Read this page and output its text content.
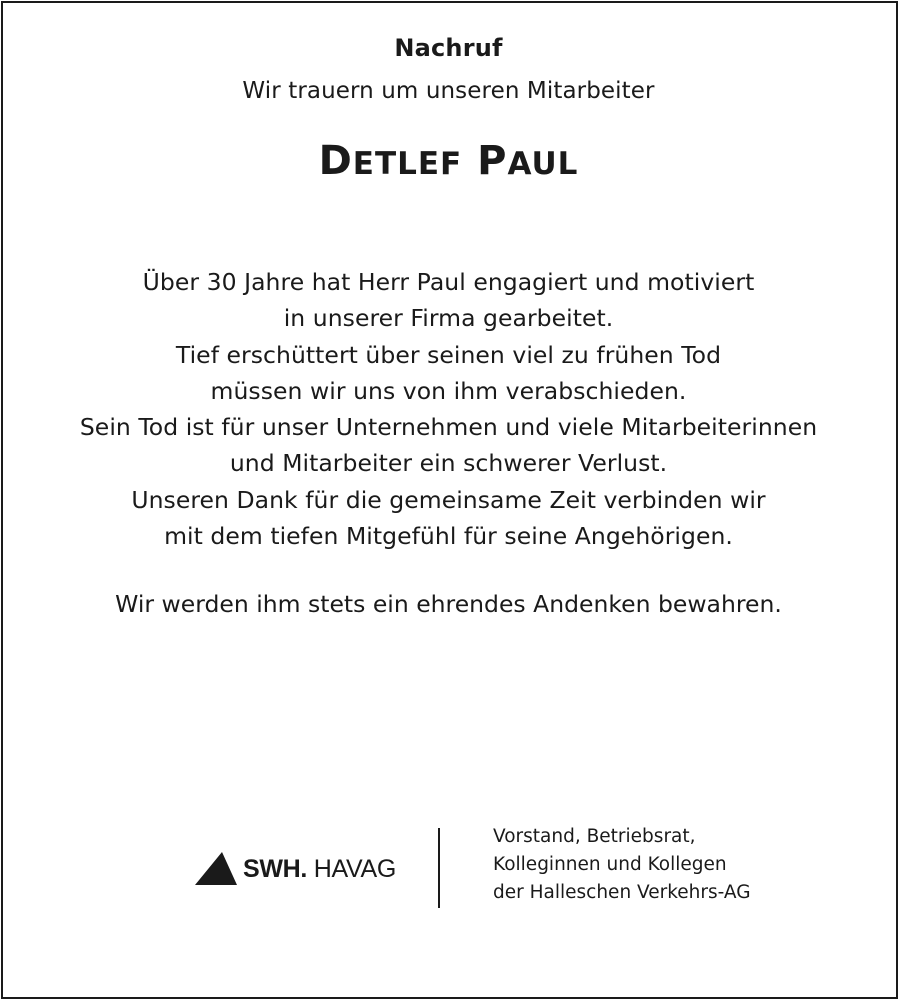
Nachruf
Wir trauern um unseren Mitarbeiter
DETLEF PAUL
Über 30 Jahre hat Herr Paul engagiert und motiviert
in unserer Firma gearbeitet.
Tief erschüttert über seinen viel zu frühen Tod
müssen wir uns von ihm verabschieden.
Sein Tod ist für unser Unternehmen und viele Mitarbeiterinnen
und Mitarbeiter ein schwerer Verlust.
Unseren Dank für die gemeinsame Zeit verbinden wir
mit dem tiefen Mitgefühl für seine Angehörigen.
Wir werden ihm stets ein ehrendes Andenken bewahren.
SWH. HAVAG
Vorstand, Betriebsrat,
Kolleginnen und Kollegen
der Halleschen Verkehrs-AG
